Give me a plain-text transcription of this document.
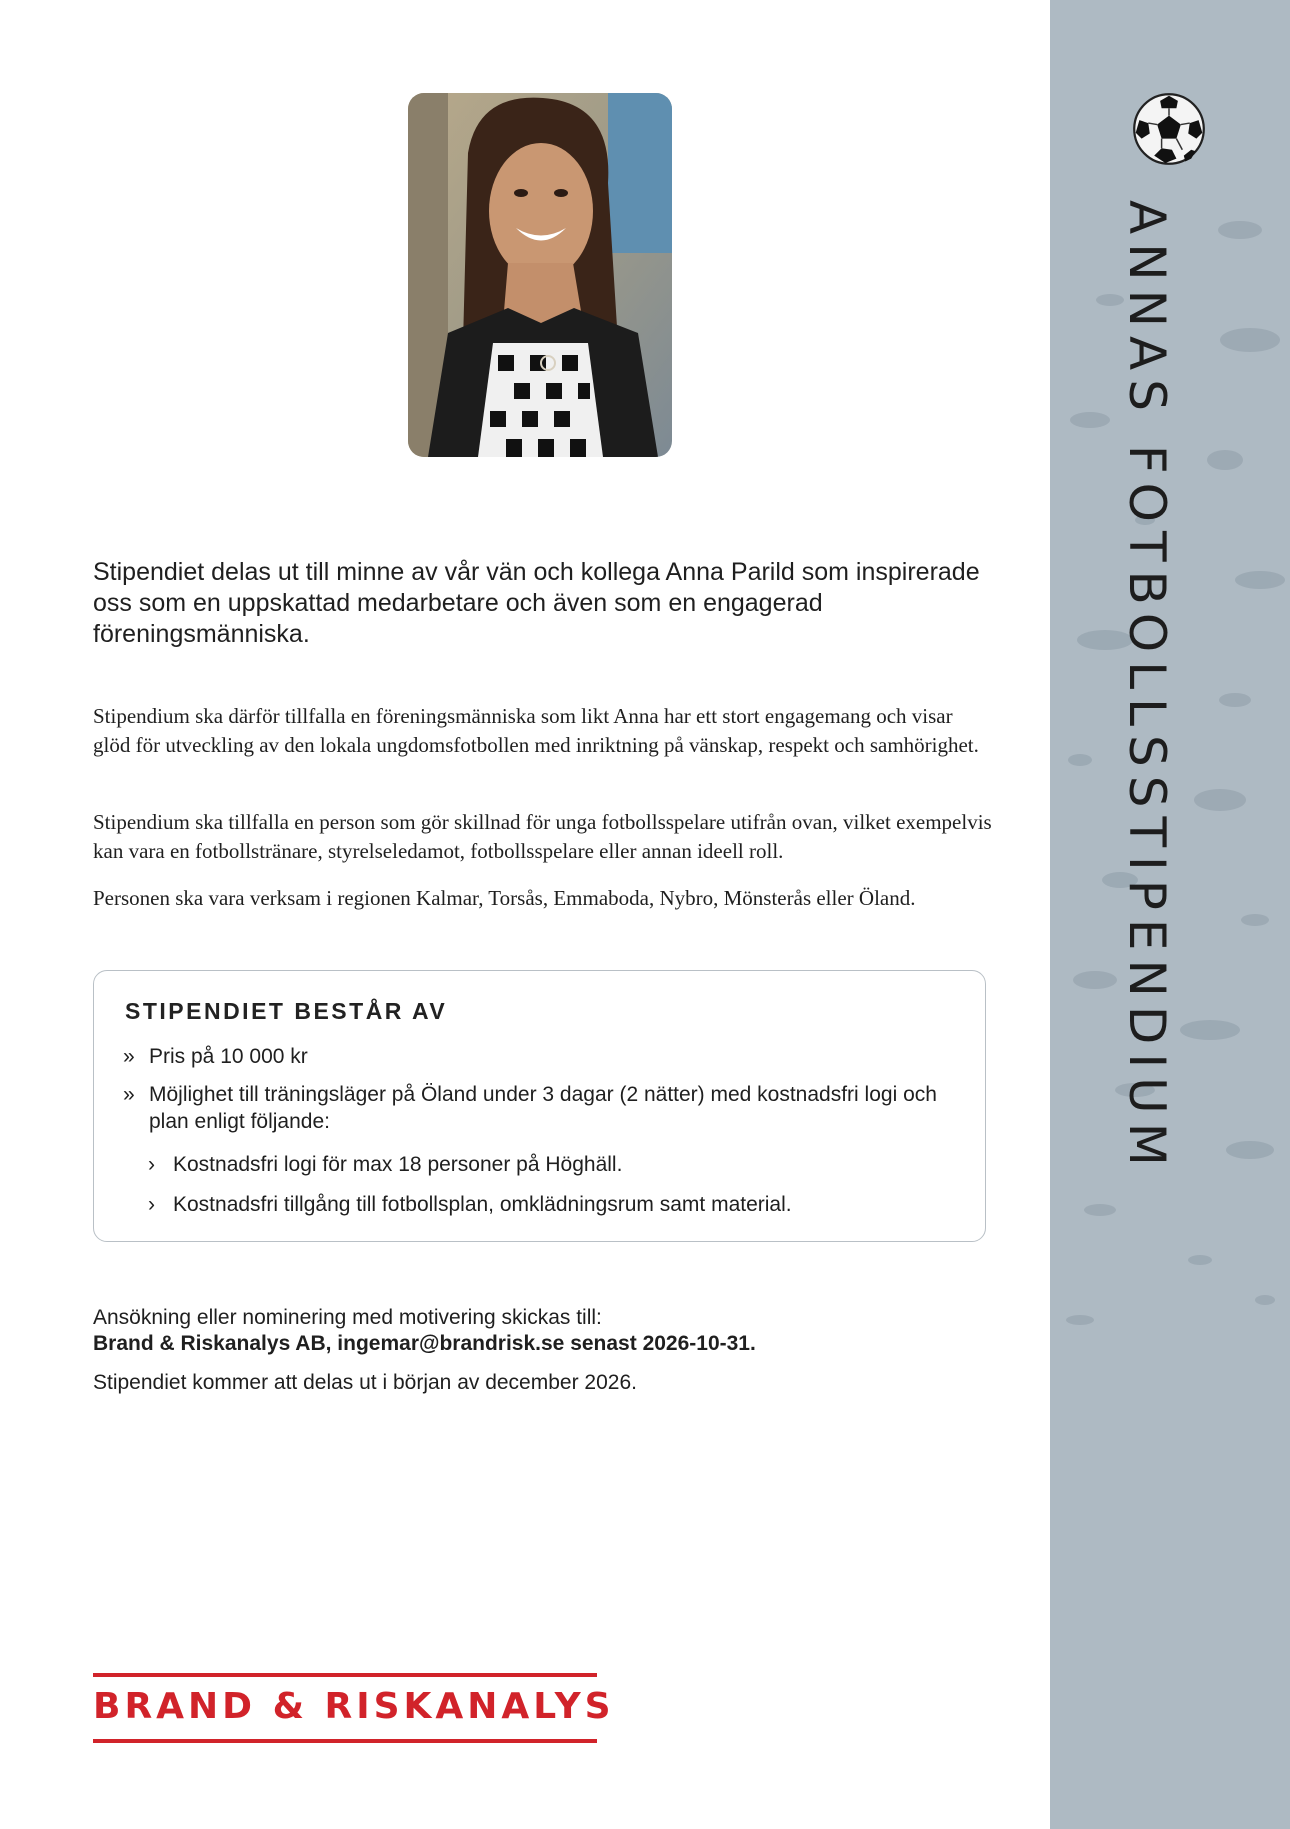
ANNAS FOTBOLLSSTIPENDIUM

Stipendiet delas ut till minne av vår vän och kollega Anna Parild som inspirerade oss som en uppskattad medarbetare och även som en engagerad föreningsmänniska.

Stipendium ska därför tillfalla en föreningsmänniska som likt Anna har ett stort engagemang och visar glöd för utveckling av den lokala ungdomsfotbollen med inriktning på vänskap, respekt och samhörighet.

Stipendium ska tillfalla en person som gör skillnad för unga fotbollsspelare utifrån ovan, vilket exempelvis kan vara en fotbollstränare, styrelseledamot, fotbollsspelare eller annan ideell roll.

Personen ska vara verksam i regionen Kalmar, Torsås, Emmaboda, Nybro, Mönsterås eller Öland.

STIPENDIET BESTÅR AV
» Pris på 10 000 kr
» Möjlighet till träningsläger på Öland under 3 dagar (2 nätter) med kostnadsfri logi och plan enligt följande:
› Kostnadsfri logi för max 18 personer på Höghäll.
› Kostnadsfri tillgång till fotbollsplan, omklädningsrum samt material.

Ansökning eller nominering med motivering skickas till:
Brand & Riskanalys AB, ingemar@brandrisk.se senast 2026-10-31.

Stipendiet kommer att delas ut i början av december 2026.

BRAND & RISKANALYS
